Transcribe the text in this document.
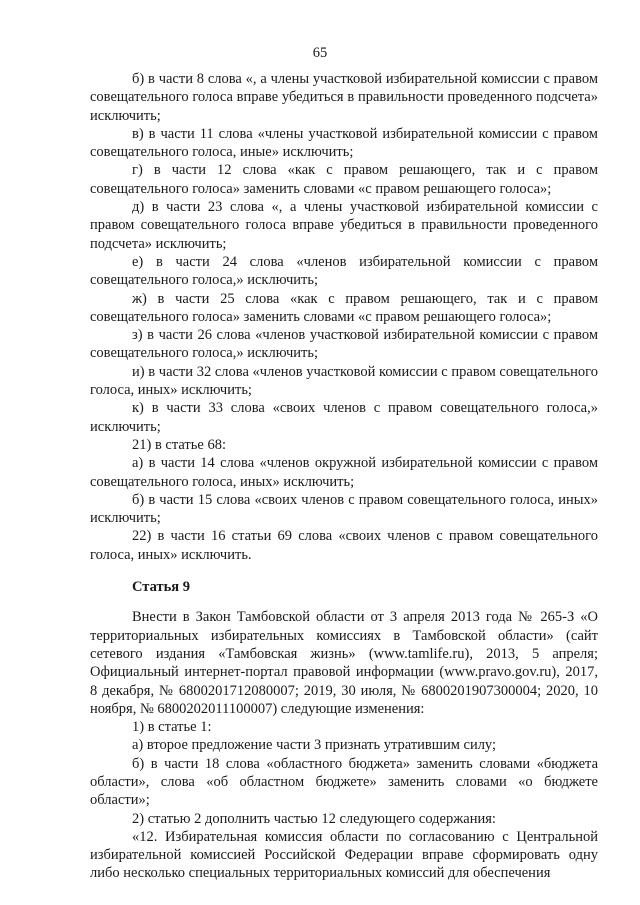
65

б) в части 8 слова «, а члены участковой избирательной комиссии с правом совещательного голоса вправе убедиться в правильности проведенного подсчета» исключить;

в) в части 11 слова «члены участковой избирательной комиссии с правом совещательного голоса, иные» исключить;

г) в части 12 слова «как с правом решающего, так и с правом совещательного голоса» заменить словами «с правом решающего голоса»;

д) в части 23 слова «, а члены участковой избирательной комиссии с правом совещательного голоса вправе убедиться в правильности проведенного подсчета» исключить;

е) в части 24 слова «членов избирательной комиссии с правом совещательного голоса,» исключить;

ж) в части 25 слова «как с правом решающего, так и с правом совещательного голоса» заменить словами «с правом решающего голоса»;

з) в части 26 слова «членов участковой избирательной комиссии с правом совещательного голоса,» исключить;

и) в части 32 слова «членов участковой комиссии с правом совещательного голоса, иных» исключить;

к) в части 33 слова «своих членов с правом совещательного голоса,» исключить;

21) в статье 68:

а) в части 14 слова «членов окружной избирательной комиссии с правом совещательного голоса, иных» исключить;

б) в части 15 слова «своих членов с правом совещательного голоса, иных» исключить;

22) в части 16 статьи 69 слова «своих членов с правом совещательного голоса, иных» исключить.

Статья 9

Внести в Закон Тамбовской области от 3 апреля 2013 года № 265-З «О территориальных избирательных комиссиях в Тамбовской области» (сайт сетевого издания «Тамбовская жизнь» (www.tamlife.ru), 2013, 5 апреля; Официальный интернет-портал правовой информации (www.pravo.gov.ru), 2017, 8 декабря, № 6800201712080007; 2019, 30 июля, № 6800201907300004; 2020, 10 ноября, № 6800202011100007) следующие изменения:

1) в статье 1:

а) второе предложение части 3 признать утратившим силу;

б) в части 18 слова «областного бюджета» заменить словами «бюджета области», слова «об областном бюджете» заменить словами «о бюджете области»;

2) статью 2 дополнить частью 12 следующего содержания:

«12. Избирательная комиссия области по согласованию с Центральной избирательной комиссией Российской Федерации вправе сформировать одну либо несколько специальных территориальных комиссий для обеспечения
